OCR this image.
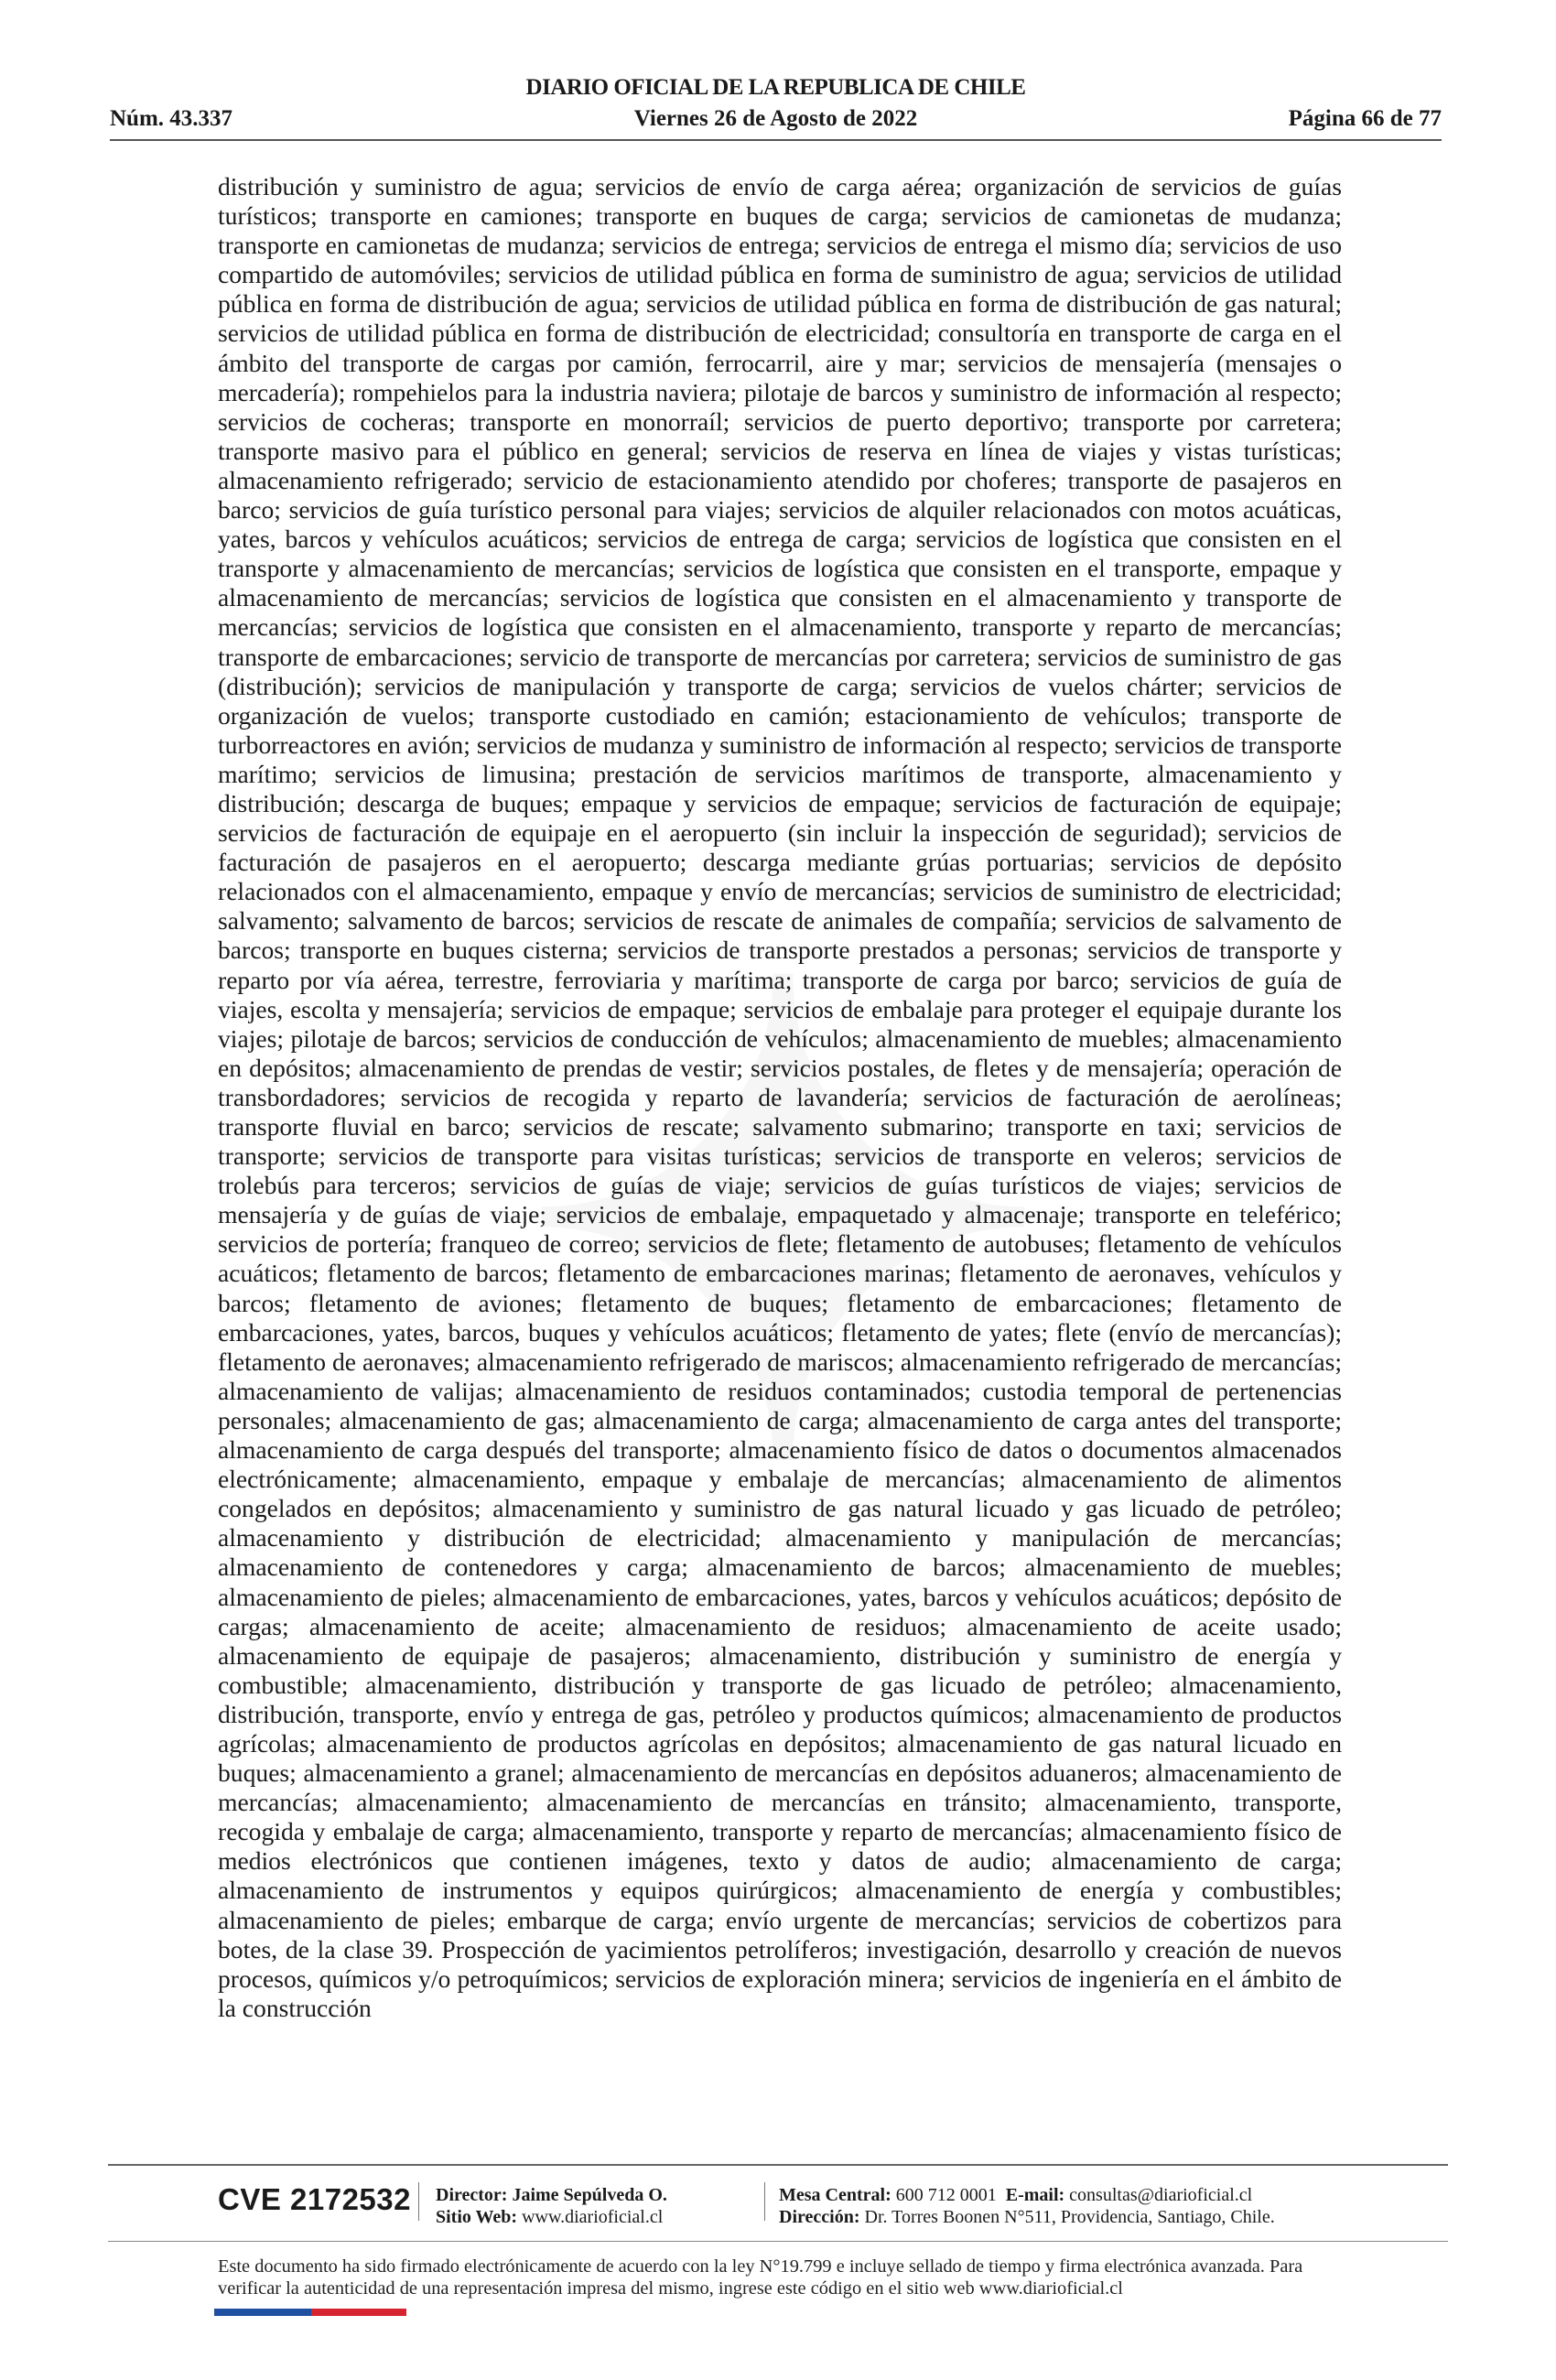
DIARIO OFICIAL DE LA REPUBLICA DE CHILE
Núm. 43.337	Viernes 26 de Agosto de 2022	Página 66 de 77
distribución y suministro de agua; servicios de envío de carga aérea; organización de servicios de guías turísticos; transporte en camiones; transporte en buques de carga; servicios de camionetas de mudanza; transporte en camionetas de mudanza; servicios de entrega; servicios de entrega el mismo día; servicios de uso compartido de automóviles; servicios de utilidad pública en forma de suministro de agua; servicios de utilidad pública en forma de distribución de agua; servicios de utilidad pública en forma de distribución de gas natural; servicios de utilidad pública en forma de distribución de electricidad; consultoría en transporte de carga en el ámbito del transporte de cargas por camión, ferrocarril, aire y mar; servicios de mensajería (mensajes o mercadería); rompehielos para la industria naviera; pilotaje de barcos y suministro de información al respecto; servicios de cocheras; transporte en monorraíl; servicios de puerto deportivo; transporte por carretera; transporte masivo para el público en general; servicios de reserva en línea de viajes y vistas turísticas; almacenamiento refrigerado; servicio de estacionamiento atendido por choferes; transporte de pasajeros en barco; servicios de guía turístico personal para viajes; servicios de alquiler relacionados con motos acuáticas, yates, barcos y vehículos acuáticos; servicios de entrega de carga; servicios de logística que consisten en el transporte y almacenamiento de mercancías; servicios de logística que consisten en el transporte, empaque y almacenamiento de mercancías; servicios de logística que consisten en el almacenamiento y transporte de mercancías; servicios de logística que consisten en el almacenamiento, transporte y reparto de mercancías; transporte de embarcaciones; servicio de transporte de mercancías por carretera; servicios de suministro de gas (distribución); servicios de manipulación y transporte de carga; servicios de vuelos chárter; servicios de organización de vuelos; transporte custodiado en camión; estacionamiento de vehículos; transporte de turborreactores en avión; servicios de mudanza y suministro de información al respecto; servicios de transporte marítimo; servicios de limusina; prestación de servicios marítimos de transporte, almacenamiento y distribución; descarga de buques; empaque y servicios de empaque; servicios de facturación de equipaje; servicios de facturación de equipaje en el aeropuerto (sin incluir la inspección de seguridad); servicios de facturación de pasajeros en el aeropuerto; descarga mediante grúas portuarias; servicios de depósito relacionados con el almacenamiento, empaque y envío de mercancías; servicios de suministro de electricidad; salvamento; salvamento de barcos; servicios de rescate de animales de compañía; servicios de salvamento de barcos; transporte en buques cisterna; servicios de transporte prestados a personas; servicios de transporte y reparto por vía aérea, terrestre, ferroviaria y marítima; transporte de carga por barco; servicios de guía de viajes, escolta y mensajería; servicios de empaque; servicios de embalaje para proteger el equipaje durante los viajes; pilotaje de barcos; servicios de conducción de vehículos; almacenamiento de muebles; almacenamiento en depósitos; almacenamiento de prendas de vestir; servicios postales, de fletes y de mensajería; operación de transbordadores; servicios de recogida y reparto de lavandería; servicios de facturación de aerolíneas; transporte fluvial en barco; servicios de rescate; salvamento submarino; transporte en taxi; servicios de transporte; servicios de transporte para visitas turísticas; servicios de transporte en veleros; servicios de trolebús para terceros; servicios de guías de viaje; servicios de guías turísticos de viajes; servicios de mensajería y de guías de viaje; servicios de embalaje, empaquetado y almacenaje; transporte en teleférico; servicios de portería; franqueo de correo; servicios de flete; fletamento de autobuses; fletamento de vehículos acuáticos; fletamento de barcos; fletamento de embarcaciones marinas; fletamento de aeronaves, vehículos y barcos; fletamento de aviones; fletamento de buques; fletamento de embarcaciones; fletamento de embarcaciones, yates, barcos, buques y vehículos acuáticos; fletamento de yates; flete (envío de mercancías); fletamento de aeronaves; almacenamiento refrigerado de mariscos; almacenamiento refrigerado de mercancías; almacenamiento de valijas; almacenamiento de residuos contaminados; custodia temporal de pertenencias personales; almacenamiento de gas; almacenamiento de carga; almacenamiento de carga antes del transporte; almacenamiento de carga después del transporte; almacenamiento físico de datos o documentos almacenados electrónicamente; almacenamiento, empaque y embalaje de mercancías; almacenamiento de alimentos congelados en depósitos; almacenamiento y suministro de gas natural licuado y gas licuado de petróleo; almacenamiento y distribución de electricidad; almacenamiento y manipulación de mercancías; almacenamiento de contenedores y carga; almacenamiento de barcos; almacenamiento de muebles; almacenamiento de pieles; almacenamiento de embarcaciones, yates, barcos y vehículos acuáticos; depósito de cargas; almacenamiento de aceite; almacenamiento de residuos; almacenamiento de aceite usado; almacenamiento de equipaje de pasajeros; almacenamiento, distribución y suministro de energía y combustible; almacenamiento, distribución y transporte de gas licuado de petróleo; almacenamiento, distribución, transporte, envío y entrega de gas, petróleo y productos químicos; almacenamiento de productos agrícolas; almacenamiento de productos agrícolas en depósitos; almacenamiento de gas natural licuado en buques; almacenamiento a granel; almacenamiento de mercancías en depósitos aduaneros; almacenamiento de mercancías; almacenamiento; almacenamiento de mercancías en tránsito; almacenamiento, transporte, recogida y embalaje de carga; almacenamiento, transporte y reparto de mercancías; almacenamiento físico de medios electrónicos que contienen imágenes, texto y datos de audio; almacenamiento de carga; almacenamiento de instrumentos y equipos quirúrgicos; almacenamiento de energía y combustibles; almacenamiento de pieles; embarque de carga; envío urgente de mercancías; servicios de cobertizos para botes, de la clase 39. Prospección de yacimientos petrolíferos; investigación, desarrollo y creación de nuevos procesos, químicos y/o petroquímicos; servicios de exploración minera; servicios de ingeniería en el ámbito de la construcción
CVE 2172532 Director: Jaime Sepúlveda O.
Sitio Web: www.diarioficial.cl
Mesa Central: 600 712 0001 E-mail: consultas@diarioficial.cl
Dirección: Dr. Torres Boonen N°511, Providencia, Santiago, Chile.
Este documento ha sido firmado electrónicamente de acuerdo con la ley N°19.799 e incluye sellado de tiempo y firma electrónica avanzada. Para verificar la autenticidad de una representación impresa del mismo, ingrese este código en el sitio web www.diarioficial.cl
